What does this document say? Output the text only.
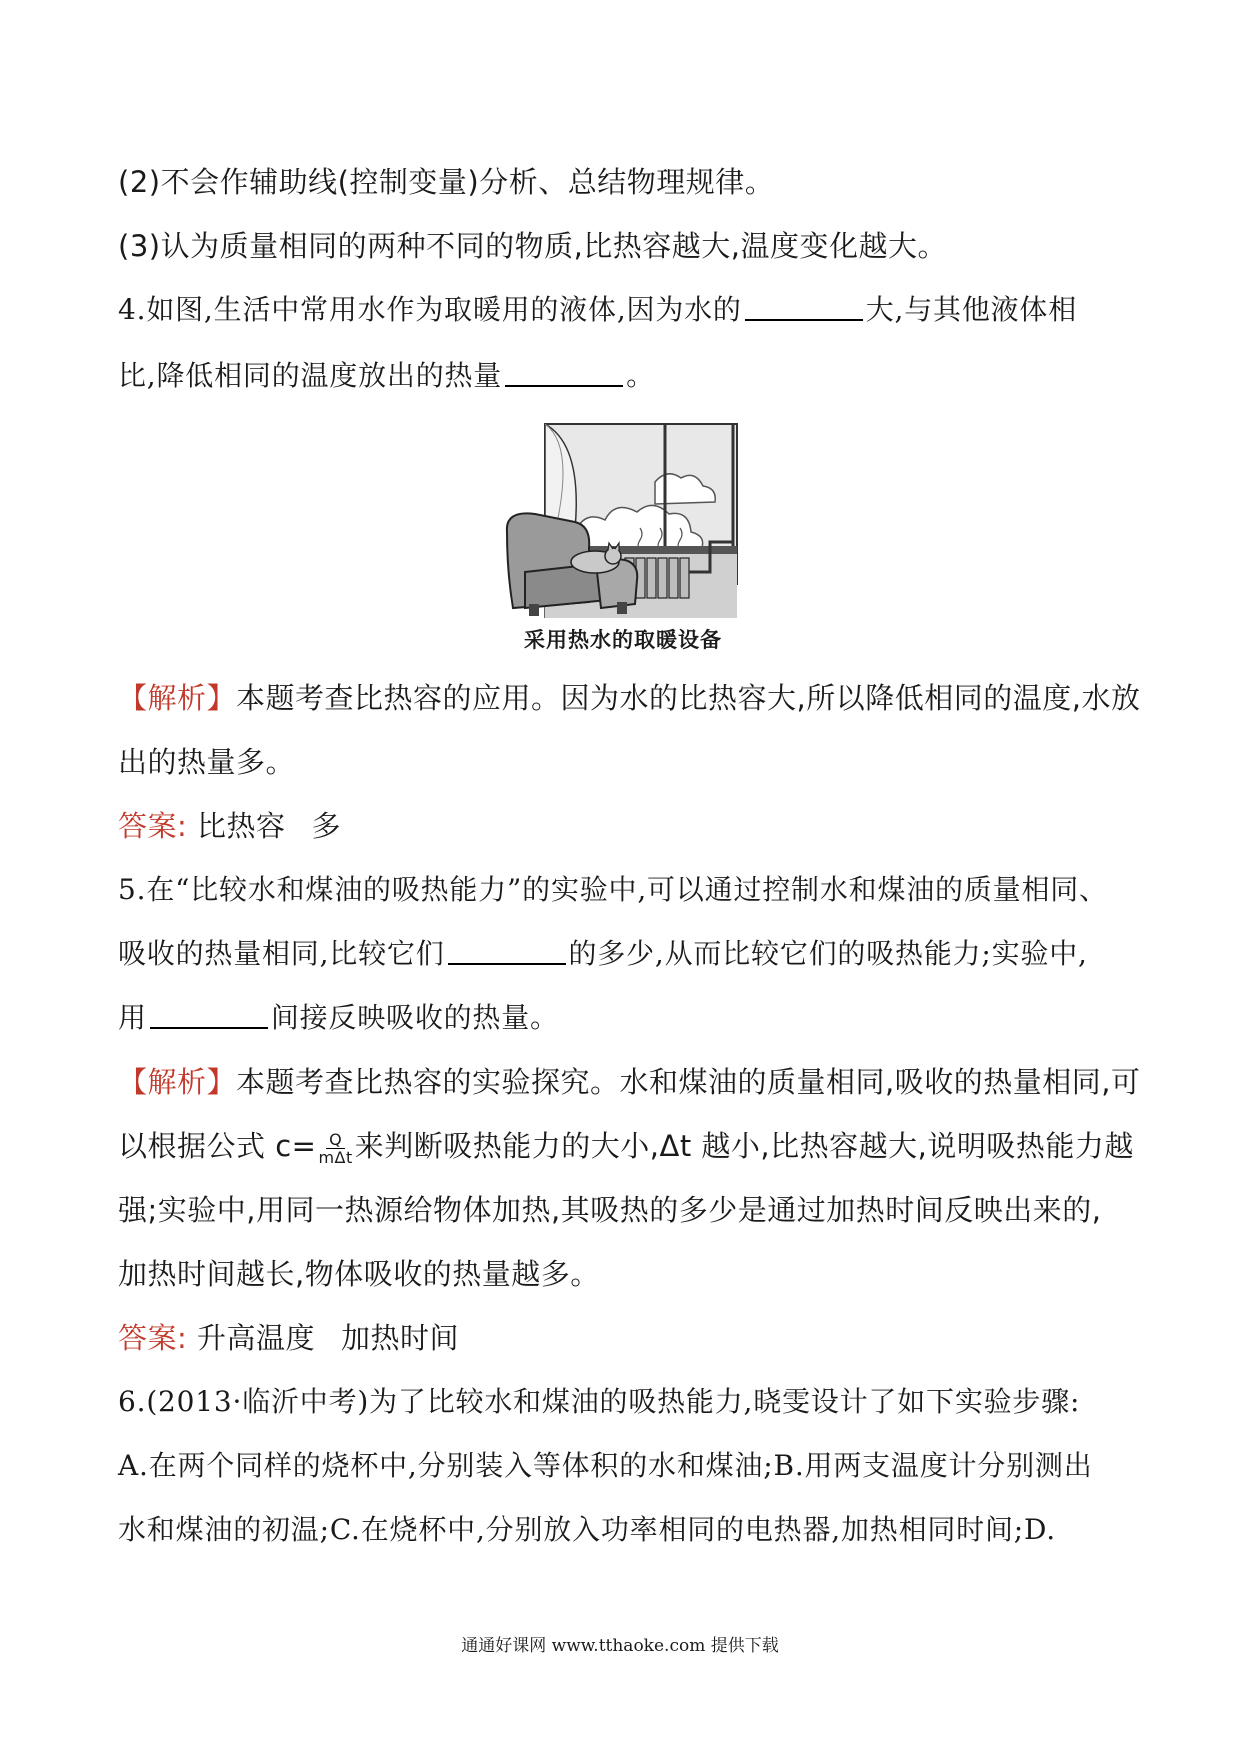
(2)不会作辅助线(控制变量)分析、总结物理规律。
(3)认为质量相同的两种不同的物质,比热容越大,温度变化越大。
4.如图,生活中常用水作为取暖用的液体,因为水的	大,与其他液体相
比,降低相同的温度放出的热量	。
采用热水的取暖设备
【解析】本题考查比热容的应用。因为水的比热容大,所以降低相同的温度,水放
出的热量多。
答案: 比热容 多
5.在“比较水和煤油的吸热能力”的实验中,可以通过控制水和煤油的质量相同、
吸收的热量相同,比较它们	的多少,从而比较它们的吸热能力;实验中,
用	间接反映吸收的热量。
【解析】本题考查比热容的实验探究。水和煤油的质量相同,吸收的热量相同,可
以根据公式 $c= \frac{Q}{\text{mΔt}}$ 来判断吸热能力的大小,Δt 越小,比热容越大,说明吸热能力越
强;实验中,用同一热源给物体加热,其吸热的多少是通过加热时间反映出来的,
加热时间越长,物体吸收的热量越多。
答案: 升高温度 加热时间
6.(2013·临沂中考)为了比较水和煤油的吸热能力,晓雯设计了如下实验步骤:
A.在两个同样的烧杯中,分别装入等体积的水和煤油;B.用两支温度计分别测出
水和煤油的初温;C.在烧杯中,分别放入功率相同的电热器,加热相同时间;D.
通通好课网 www.tthaoke.com 提供下载
